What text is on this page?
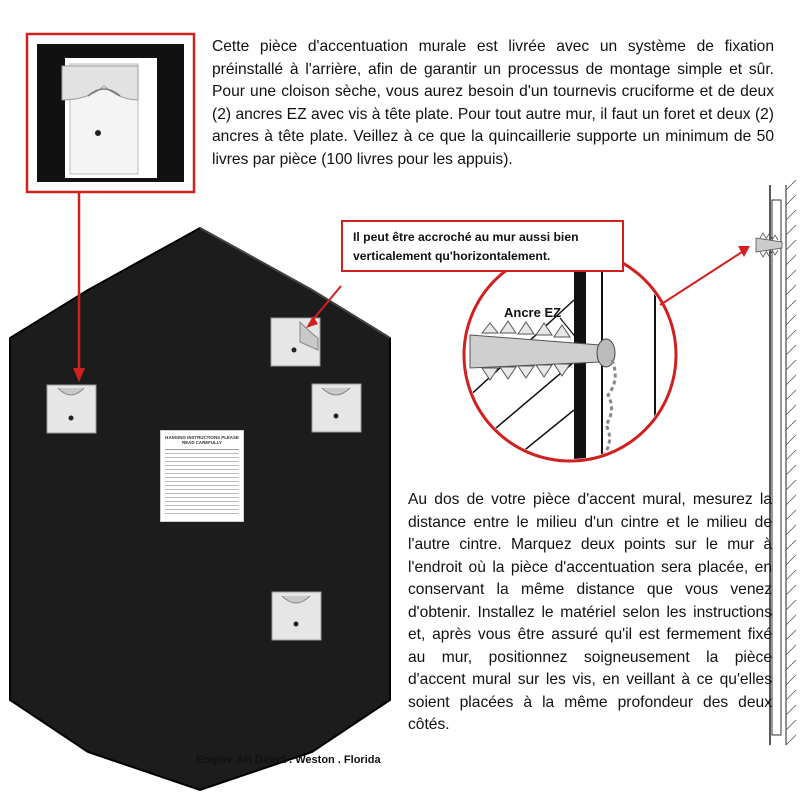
Cette pièce d'accentuation murale est livrée avec un système de fixation préinstallé à l'arrière, afin de garantir un processus de montage simple et sûr. Pour une cloison sèche, vous aurez besoin d'un tournevis cruciforme et de deux (2) ancres EZ avec vis à tête plate. Pour tout autre mur, il faut un foret et deux (2) ancres à tête plate. Veillez à ce que la quincaillerie supporte un minimum de 50 livres par pièce (100 livres pour les appuis).
Il peut être accroché au mur aussi bien verticalement qu'horizontalement.
Ancre EZ
HANGING INSTRUCTIONS PLEASE READ CAREFULLY
Au dos de votre pièce d'accent mural, mesurez la distance entre le milieu d'un cintre et le milieu de l'autre cintre. Marquez deux points sur le mur à l'endroit où la pièce d'accentuation sera placée, en conservant la même distance que vous venez d'obtenir. Installez le matériel selon les instructions et, après vous être assuré qu'il est fermement fixé au mur, positionnez soigneusement la pièce d'accent mural sur les vis, en veillant à ce qu'elles soient placées à la même profondeur des deux côtés.
Empire Art Direct . Weston . Florida
